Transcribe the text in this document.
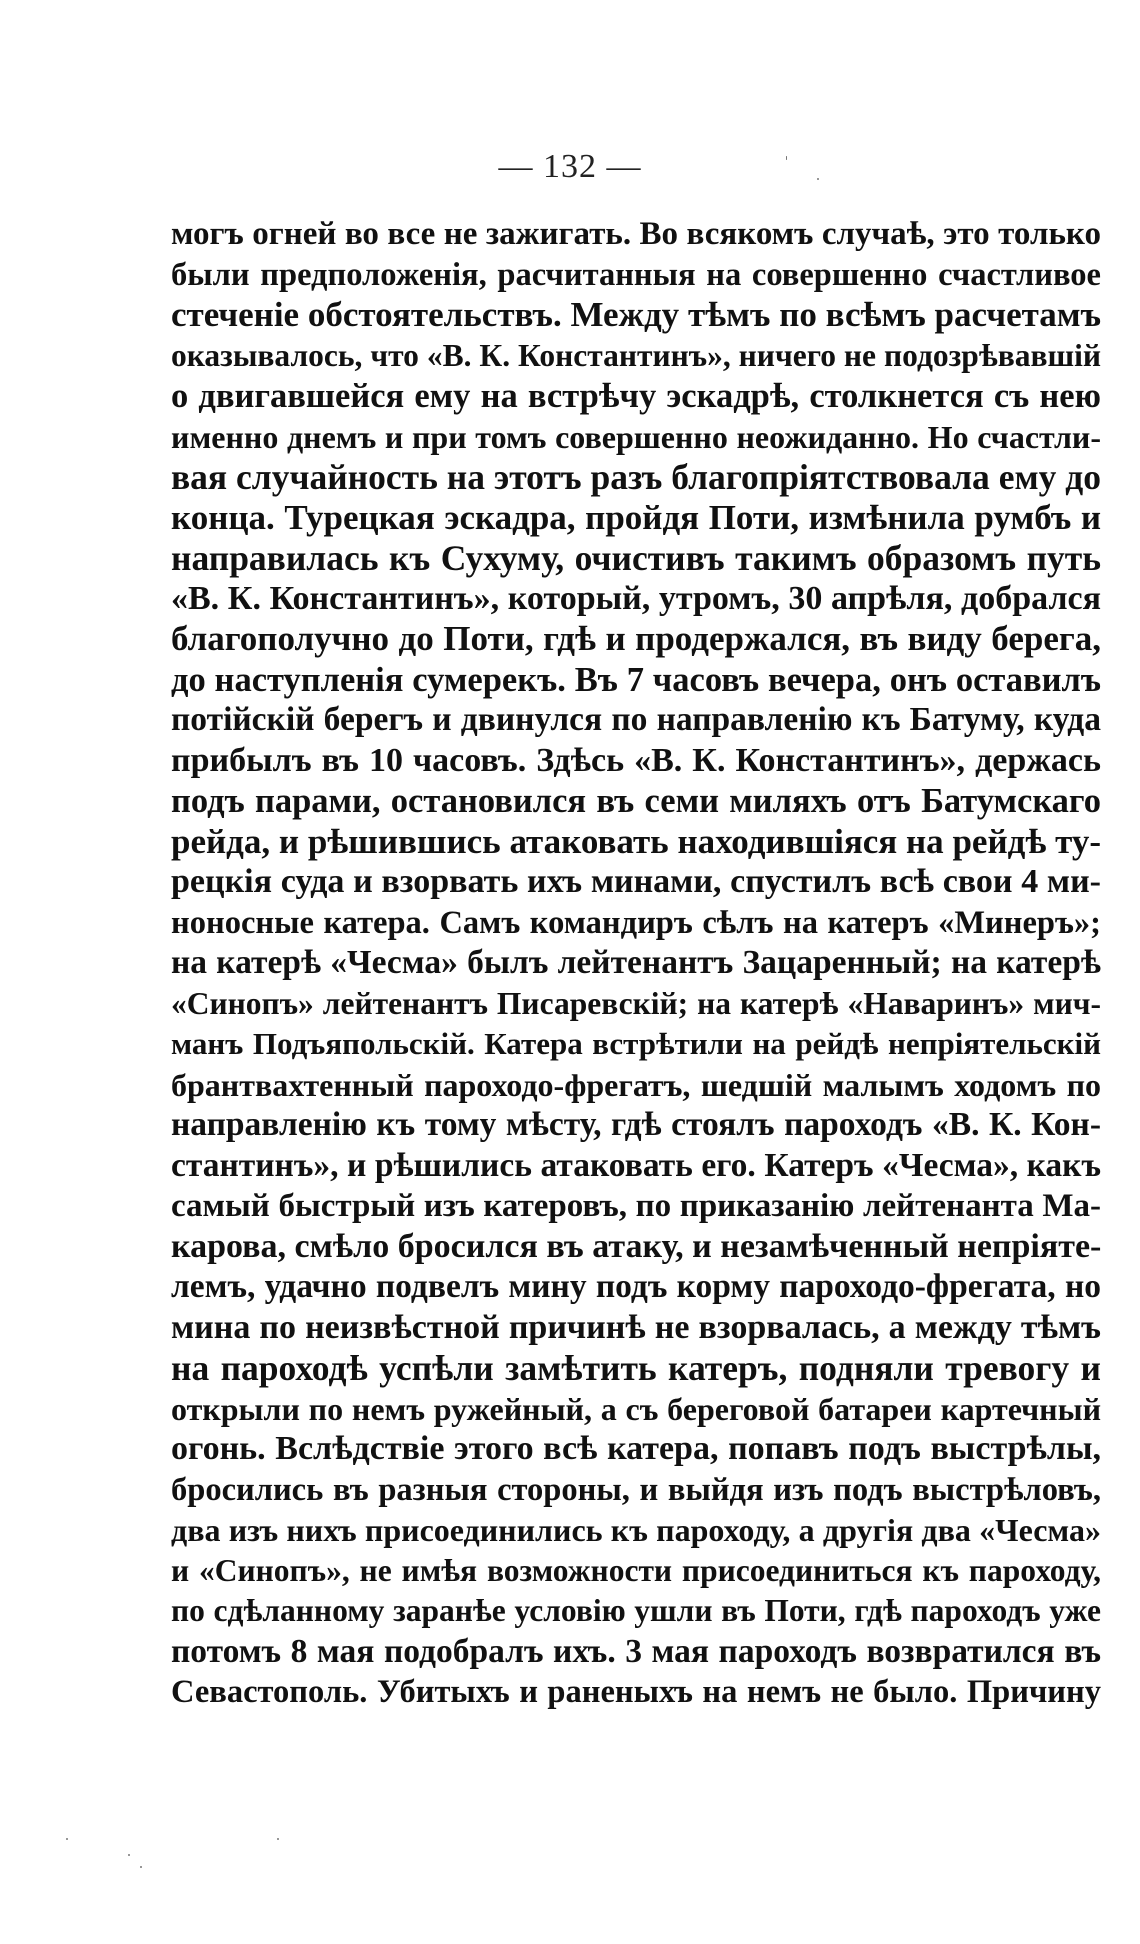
— 132 —
могъ огней во все не зажигать. Во всякомъ случаѣ, это только
были предположенія, расчитанныя на совершенно счастливое
стеченіе обстоятельствъ. Между тѣмъ по всѣмъ расчетамъ
оказывалось, что «В. К. Константинъ», ничего не подозрѣвавшій
о двигавшейся ему на встрѣчу эскадрѣ, столкнется съ нею
именно днемъ и при томъ совершенно неожиданно. Но счастли-
вая случайность на этотъ разъ благопріятствовала ему до
конца. Турецкая эскадра, пройдя Поти, измѣнила румбъ и
направилась къ Сухуму, очистивъ такимъ образомъ путь
«В. К. Константинъ», который, утромъ, 30 апрѣля, добрался
благополучно до Поти, гдѣ и продержался, въ виду берега,
до наступленія сумерекъ. Въ 7 часовъ вечера, онъ оставилъ
потійскій берегъ и двинулся по направленію къ Батуму, куда
прибылъ въ 10 часовъ. Здѣсь «В. К. Константинъ», держась
подъ парами, остановился въ семи миляхъ отъ Батумскаго
рейда, и рѣшившись атаковать находившіяся на рейдѣ ту-
рецкія суда и взорвать ихъ минами, спустилъ всѣ свои 4 ми-
ноносные катера. Самъ командиръ сѣлъ на катеръ «Минеръ»;
на катерѣ «Чесма» былъ лейтенантъ Зацаренный; на катерѣ
«Синопъ» лейтенантъ Писаревскій; на катерѣ «Наваринъ» мич-
манъ Подъяпольскій. Катера встрѣтили на рейдѣ непріятельскій
брантвахтенный пароходо-фрегатъ, шедшій малымъ ходомъ по
направленію къ тому мѣсту, гдѣ стоялъ пароходъ «В. К. Кон-
стантинъ», и рѣшились атаковать его. Катеръ «Чесма», какъ
самый быстрый изъ катеровъ, по приказанію лейтенанта Ма-
карова, смѣло бросился въ атаку, и незамѣченный непріяте-
лемъ, удачно подвелъ мину подъ корму пароходо-фрегата, но
мина по неизвѣстной причинѣ не взорвалась, а между тѣмъ
на пароходѣ успѣли замѣтить катеръ, подняли тревогу и
открыли по немъ ружейный, а съ береговой батареи картечный
огонь. Вслѣдствіе этого всѣ катера, попавъ подъ выстрѣлы,
бросились въ разныя стороны, и выйдя изъ подъ выстрѣловъ,
два изъ нихъ присоединились къ пароходу, а другія два «Чесма»
и «Синопъ», не имѣя возможности присоединиться къ пароходу,
по сдѣланному заранѣе условію ушли въ Поти, гдѣ пароходъ уже
потомъ 8 мая подобралъ ихъ. 3 мая пароходъ возвратился въ
Севастополь. Убитыхъ и раненыхъ на немъ не было. Причину
